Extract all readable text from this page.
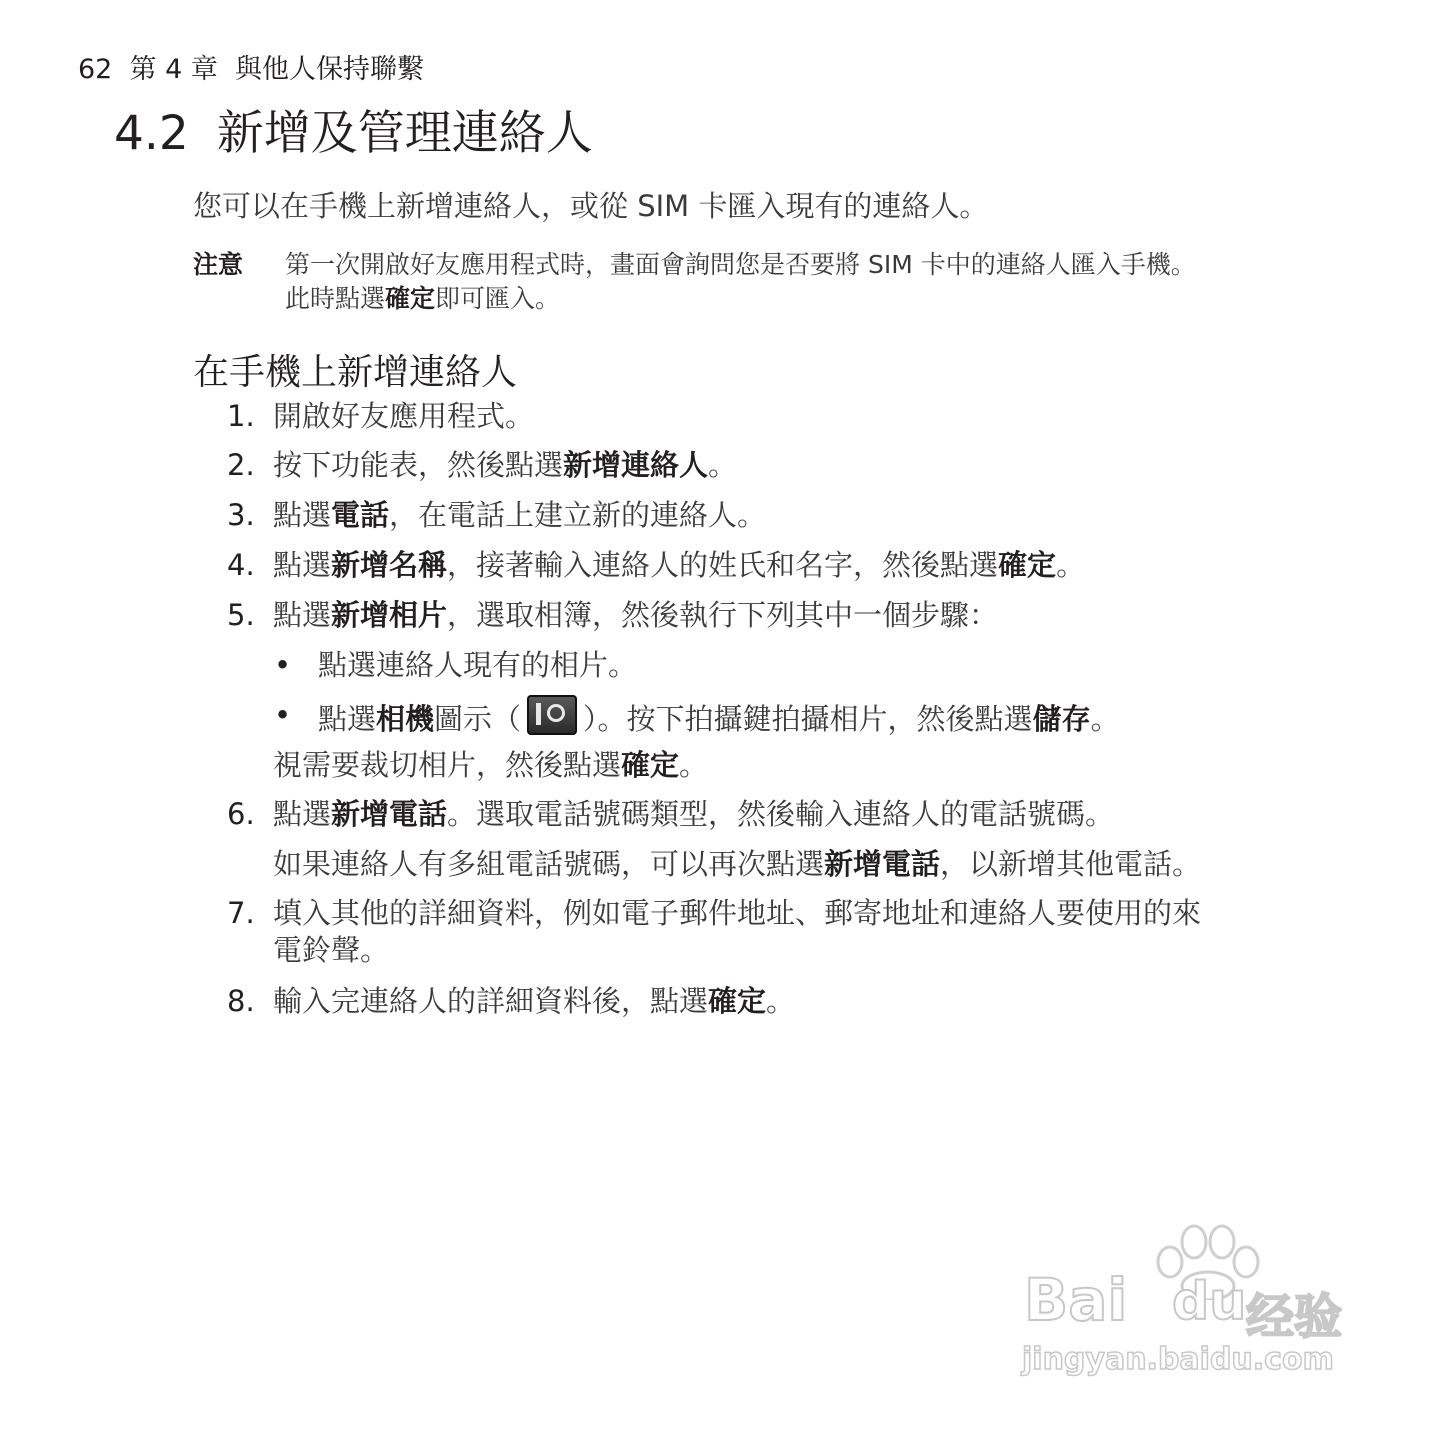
62 第 4 章 與他人保持聯繫
4.2 新增及管理連絡人
您可以在手機上新增連絡人，或從 SIM 卡匯入現有的連絡人。
注意 第一次開啟好友應用程式時，畫面會詢問您是否要將 SIM 卡中的連絡人匯入手機。
此時點選確定即可匯入。
在手機上新增連絡人
1. 開啟好友應用程式。
2. 按下功能表，然後點選新增連絡人。
3. 點選電話，在電話上建立新的連絡人。
4. 點選新增名稱，接著輸入連絡人的姓氏和名字，然後點選確定。
5. 點選新增相片，選取相簿，然後執行下列其中一個步驟：
• 點選連絡人現有的相片。
• 點選相機圖示（ ）。按下拍攝鍵拍攝相片，然後點選儲存。
視需要裁切相片，然後點選確定。
6. 點選新增電話。選取電話號碼類型，然後輸入連絡人的電話號碼。
如果連絡人有多組電話號碼，可以再次點選新增電話，以新增其他電話。
7. 填入其他的詳細資料，例如電子郵件地址、郵寄地址和連絡人要使用的來
電鈴聲。
8. 輸入完連絡人的詳細資料後，點選確定。
Bai du 经验
jingyan.baidu.com
